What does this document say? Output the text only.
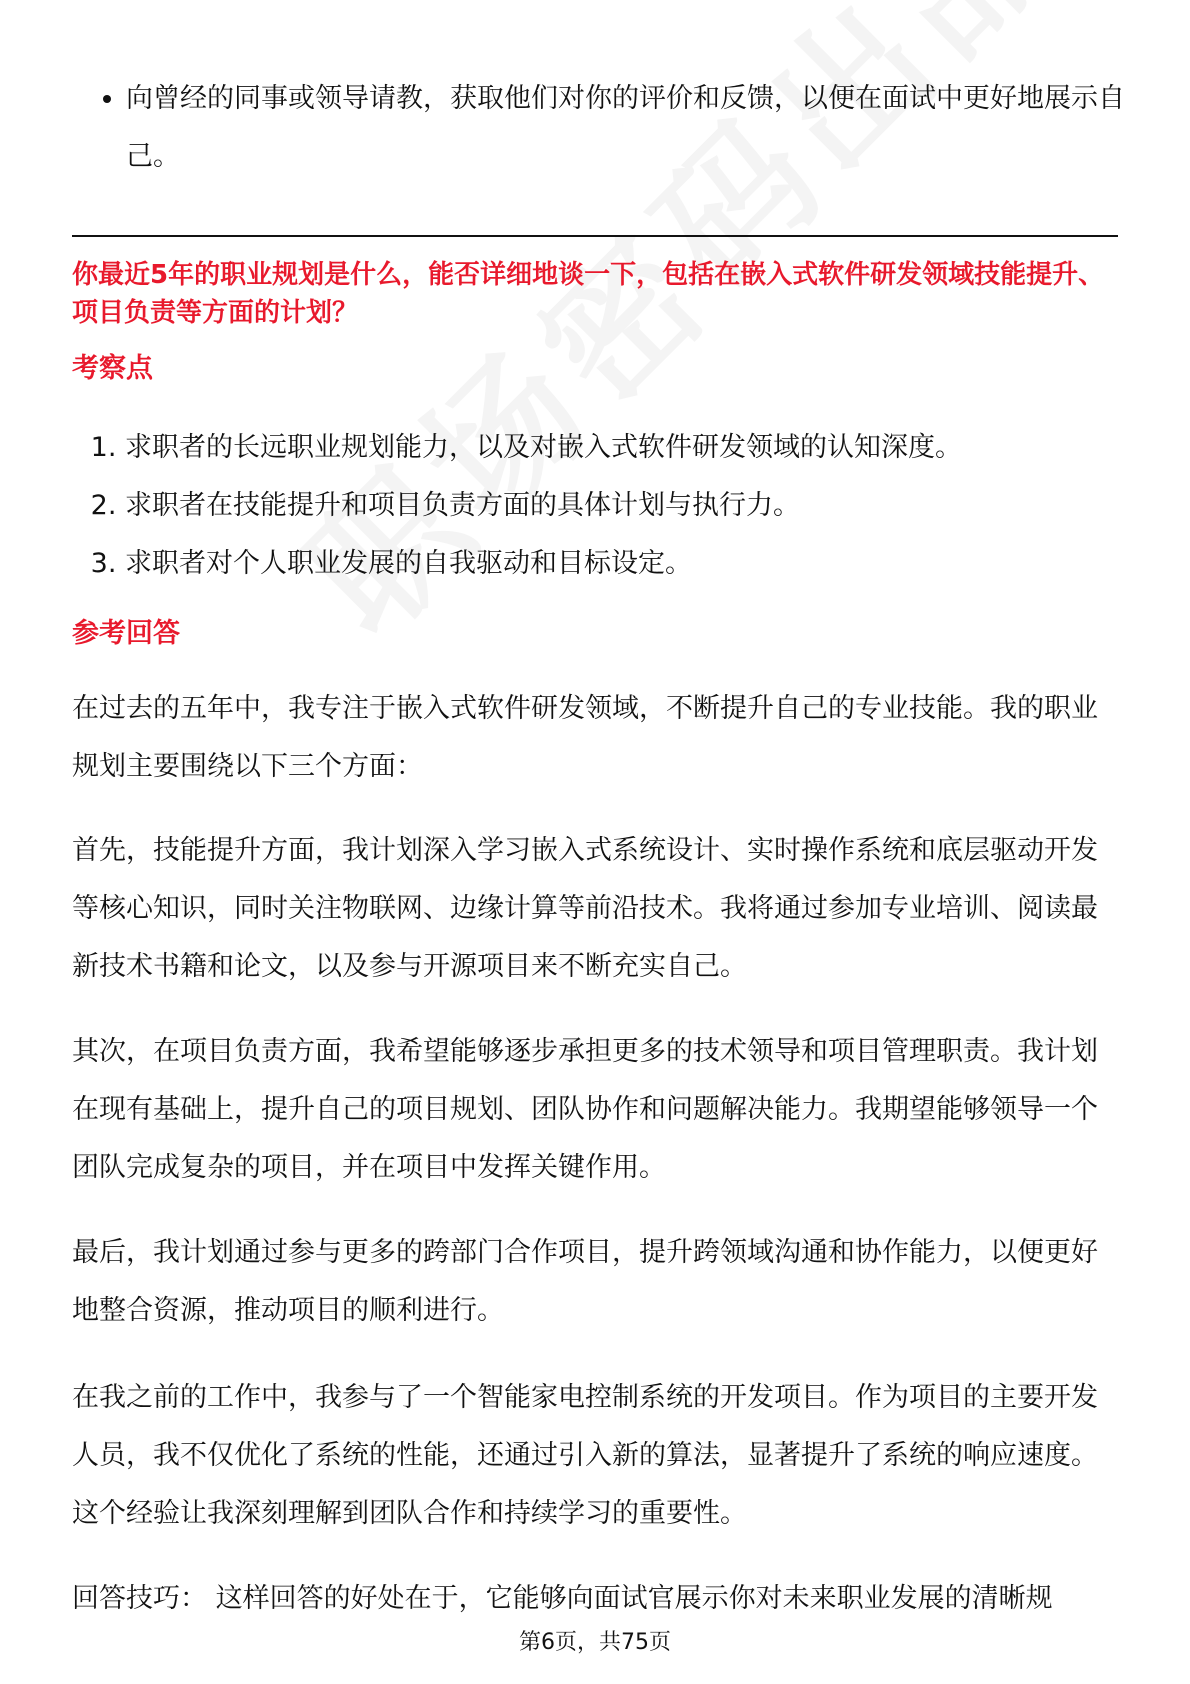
• 向曾经的同事或领导请教，获取他们对你的评价和反馈，以便在面试中更好地展示自己。
你最近5年的职业规划是什么，能否详细地谈一下，包括在嵌入式软件研发领域技能提升、项目负责等方面的计划？
考察点
1. 求职者的长远职业规划能力，以及对嵌入式软件研发领域的认知深度。
2. 求职者在技能提升和项目负责方面的具体计划与执行力。
3. 求职者对个人职业发展的自我驱动和目标设定。
参考回答

在过去的五年中，我专注于嵌入式软件研发领域，不断提升自己的专业技能。我的职业规划主要围绕以下三个方面：

首先，技能提升方面，我计划深入学习嵌入式系统设计、实时操作系统和底层驱动开发等核心知识，同时关注物联网、边缘计算等前沿技术。我将通过参加专业培训、阅读最新技术书籍和论文，以及参与开源项目来不断充实自己。

其次，在项目负责方面，我希望能够逐步承担更多的技术领导和项目管理职责。我计划在现有基础上，提升自己的项目规划、团队协作和问题解决能力。我期望能够领导一个团队完成复杂的项目，并在项目中发挥关键作用。

最后，我计划通过参与更多的跨部门合作项目，提升跨领域沟通和协作能力，以便更好地整合资源，推动项目的顺利进行。

在我之前的工作中，我参与了一个智能家电控制系统的开发项目。作为项目的主要开发人员，我不仅优化了系统的性能，还通过引入新的算法，显著提升了系统的响应速度。这个经验让我深刻理解到团队合作和持续学习的重要性。

回答技巧： 这样回答的好处在于，它能够向面试官展示你对未来职业发展的清晰规

第6页，共75页
